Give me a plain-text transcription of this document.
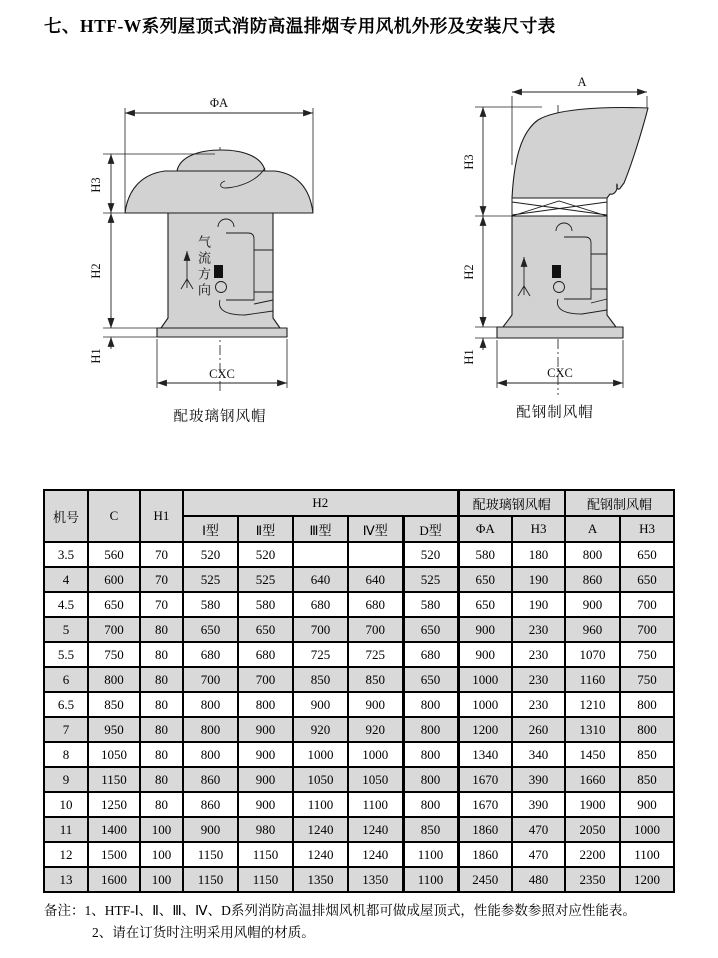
七、HTF-W系列屋顶式消防高温排烟专用风机外形及安装尺寸表
ΦA
H3
H2
H1
CXC
配玻璃钢风帽
气流方向
A
H3
H2
H1
CXC
配钢制风帽
机号	C	H1	H2					配玻璃钢风帽		配钢制风帽	
			Ⅰ型	Ⅱ型	Ⅲ型	Ⅳ型	D型	ΦA	H3	A	H3
3.5	560	70	520	520			520	580	180	800	650
4	600	70	525	525	640	640	525	650	190	860	650
4.5	650	70	580	580	680	680	580	650	190	900	700
5	700	80	650	650	700	700	650	900	230	960	700
5.5	750	80	680	680	725	725	680	900	230	1070	750
6	800	80	700	700	850	850	650	1000	230	1160	750
6.5	850	80	800	800	900	900	800	1000	230	1210	800
7	950	80	800	900	920	920	800	1200	260	1310	800
8	1050	80	800	900	1000	1000	800	1340	340	1450	850
9	1150	80	860	900	1050	1050	800	1670	390	1660	850
10	1250	80	860	900	1100	1100	800	1670	390	1900	900
11	1400	100	900	980	1240	1240	850	1860	470	2050	1000
12	1500	100	1150	1150	1240	1240	1100	1860	470	2200	1100
13	1600	100	1150	1150	1350	1350	1100	2450	480	2350	1200
备注：1、HTF-Ⅰ、Ⅱ、Ⅲ、Ⅳ、D系列消防高温排烟风机都可做成屋顶式，性能参数参照对应性能表。
2、请在订货时注明采用风帽的材质。
